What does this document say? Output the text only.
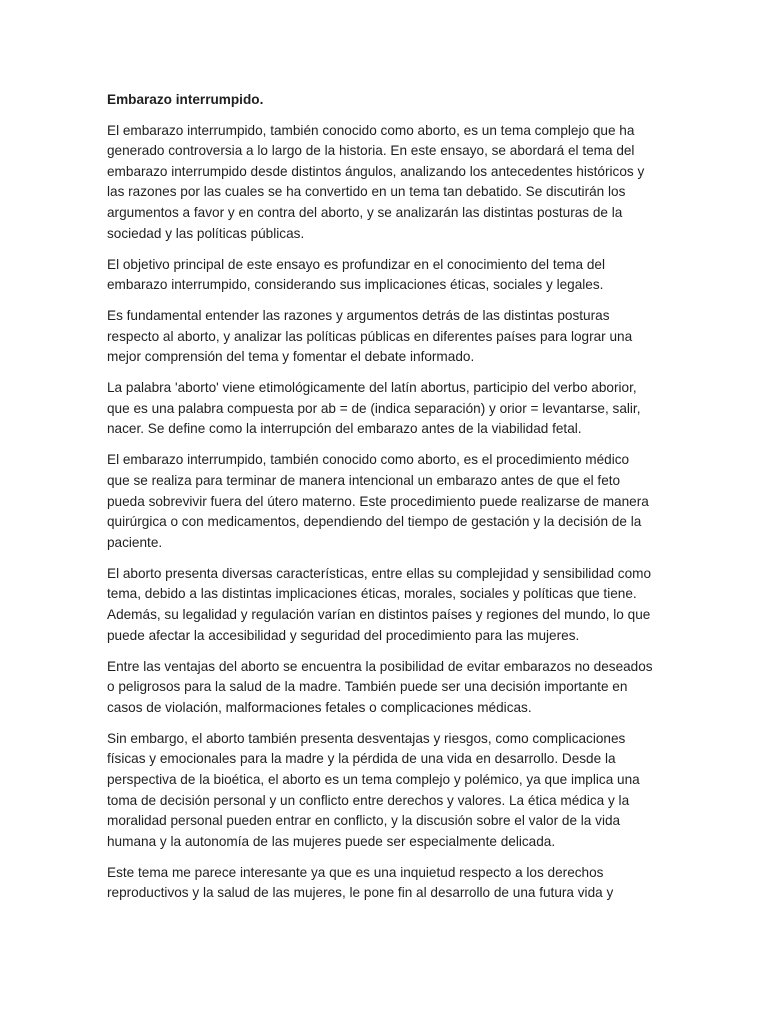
Embarazo interrumpido.
El embarazo interrumpido, también conocido como aborto, es un tema complejo que ha
generado controversia a lo largo de la historia. En este ensayo, se abordará el tema del
embarazo interrumpido desde distintos ángulos, analizando los antecedentes históricos y
las razones por las cuales se ha convertido en un tema tan debatido. Se discutirán los
argumentos a favor y en contra del aborto, y se analizarán las distintas posturas de la
sociedad y las políticas públicas.
El objetivo principal de este ensayo es profundizar en el conocimiento del tema del
embarazo interrumpido, considerando sus implicaciones éticas, sociales y legales.
Es fundamental entender las razones y argumentos detrás de las distintas posturas
respecto al aborto, y analizar las políticas públicas en diferentes países para lograr una
mejor comprensión del tema y fomentar el debate informado.
La palabra 'aborto' viene etimológicamente del latín abortus, participio del verbo aborior,
que es una palabra compuesta por ab = de (indica separación) y orior = levantarse, salir,
nacer. Se define como la interrupción del embarazo antes de la viabilidad fetal.
El embarazo interrumpido, también conocido como aborto, es el procedimiento médico
que se realiza para terminar de manera intencional un embarazo antes de que el feto
pueda sobrevivir fuera del útero materno. Este procedimiento puede realizarse de manera
quirúrgica o con medicamentos, dependiendo del tiempo de gestación y la decisión de la
paciente.
El aborto presenta diversas características, entre ellas su complejidad y sensibilidad como
tema, debido a las distintas implicaciones éticas, morales, sociales y políticas que tiene.
Además, su legalidad y regulación varían en distintos países y regiones del mundo, lo que
puede afectar la accesibilidad y seguridad del procedimiento para las mujeres.
Entre las ventajas del aborto se encuentra la posibilidad de evitar embarazos no deseados
o peligrosos para la salud de la madre. También puede ser una decisión importante en
casos de violación, malformaciones fetales o complicaciones médicas.
Sin embargo, el aborto también presenta desventajas y riesgos, como complicaciones
físicas y emocionales para la madre y la pérdida de una vida en desarrollo. Desde la
perspectiva de la bioética, el aborto es un tema complejo y polémico, ya que implica una
toma de decisión personal y un conflicto entre derechos y valores. La ética médica y la
moralidad personal pueden entrar en conflicto, y la discusión sobre el valor de la vida
humana y la autonomía de las mujeres puede ser especialmente delicada.
Este tema me parece interesante ya que es una inquietud respecto a los derechos
reproductivos y la salud de las mujeres, le pone fin al desarrollo de una futura vida y
